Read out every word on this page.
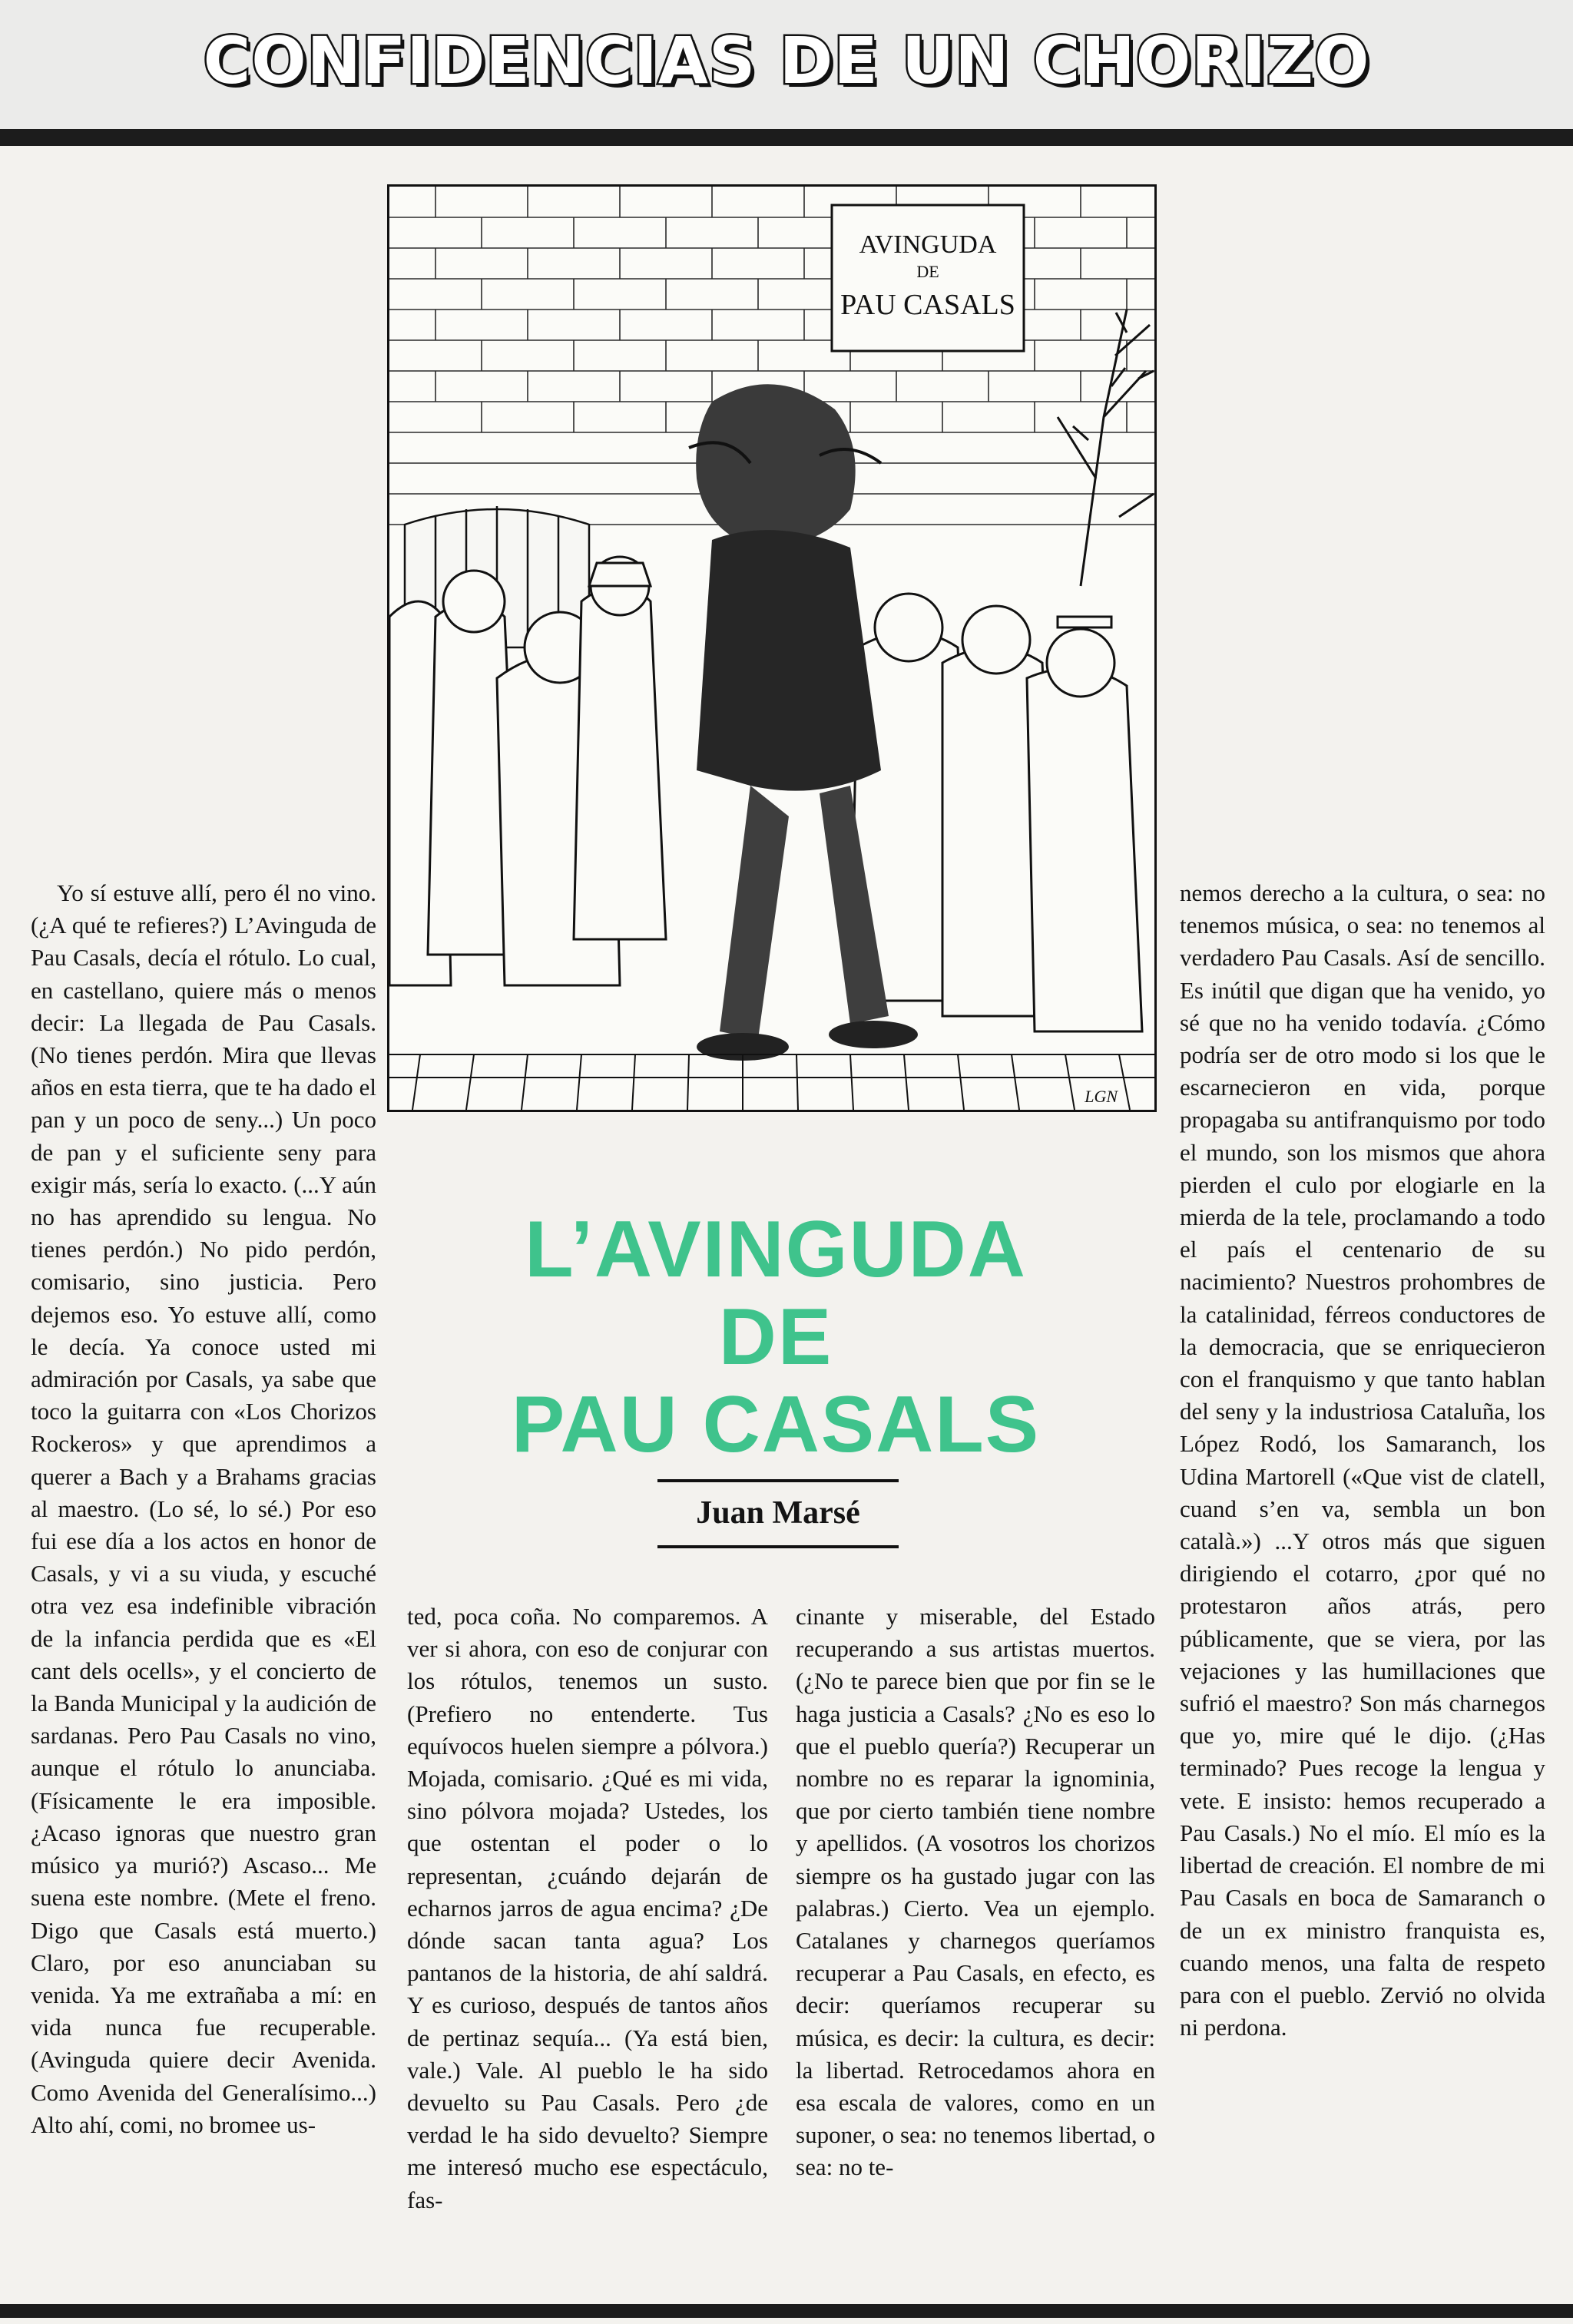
CONFIDENCIAS DE UN CHORIZO
AVINGUDA
DE
PAU CASALS
LGN

Yo sí estuve allí, pero él no vino. (¿A qué te refieres?) L’Avinguda de Pau Casals, decía el rótulo. Lo cual, en castellano, quiere más o menos decir: La llegada de Pau Casals. (No tienes perdón. Mira que llevas años en esta tierra, que te ha dado el pan y un poco de seny...) Un poco de pan y el suficiente seny para exigir más, sería lo exacto. (...Y aún no has aprendido su lengua. No tienes perdón.) No pido perdón, comisario, sino justicia. Pero dejemos eso. Yo estuve allí, como le decía. Ya conoce usted mi admiración por Casals, ya sabe que toco la guitarra con «Los Chorizos Rockeros» y que aprendimos a querer a Bach y a Brahams gracias al maestro. (Lo sé, lo sé.) Por eso fui ese día a los actos en honor de Casals, y vi a su viuda, y escuché otra vez esa indefinible vibración de la infancia perdida que es «El cant dels ocells», y el concierto de la Banda Municipal y la audición de sardanas. Pero Pau Casals no vino, aunque el rótulo lo anunciaba. (Físicamente le era imposible. ¿Acaso ignoras que nuestro gran músico ya murió?) Ascaso... Me suena este nombre. (Mete el freno. Digo que Casals está muerto.) Claro, por eso anunciaban su venida. Ya me extrañaba a mí: en vida nunca fue recuperable. (Avinguda quiere decir Avenida. Como Avenida del Generalísimo...) Alto ahí, comi, no bromee us-

nemos derecho a la cultura, o sea: no tenemos música, o sea: no tenemos al verdadero Pau Casals. Así de sencillo. Es inútil que digan que ha venido, yo sé que no ha venido todavía. ¿Cómo podría ser de otro modo si los que le escarnecieron en vida, porque propagaba su antifranquismo por todo el mundo, son los mismos que ahora pierden el culo por elogiarle en la mierda de la tele, proclamando a todo el país el centenario de su nacimiento? Nuestros prohombres de la catalinidad, férreos conductores de la democracia, que se enriquecieron con el franquismo y que tanto hablan del seny y la industriosa Cataluña, los López Rodó, los Samaranch, los Udina Martorell («Que vist de clatell, cuand s’en va, sembla un bon català.») ...Y otros más que siguen dirigiendo el cotarro, ¿por qué no protestaron años atrás, pero públicamente, que se viera, por las vejaciones y las humillaciones que sufrió el maestro? Son más charnegos que yo, mire qué le dijo. (¿Has terminado? Pues recoge la lengua y vete. E insisto: hemos recuperado a Pau Casals.) No el mío. El mío es la libertad de creación. El nombre de mi Pau Casals en boca de Samaranch o de un ex ministro franquista es, cuando menos, una falta de respeto para con el pueblo. Zervió no olvida ni perdona.

L’AVINGUDA
DE
PAU CASALS
Juan Marsé

ted, poca coña. No comparemos. A ver si ahora, con eso de conjurar con los rótulos, tenemos un susto. (Prefiero no entenderte. Tus equívocos huelen siempre a pólvora.) Mojada, comisario. ¿Qué es mi vida, sino pólvora mojada? Ustedes, los que ostentan el poder o lo representan, ¿cuándo dejarán de echarnos jarros de agua encima? ¿De dónde sacan tanta agua? Los pantanos de la historia, de ahí saldrá. Y es curioso, después de tantos años de pertinaz sequía... (Ya está bien, vale.) Vale. Al pueblo le ha sido devuelto su Pau Casals. Pero ¿de verdad le ha sido devuelto? Siempre me interesó mucho ese espectáculo, fas-

cinante y miserable, del Estado recuperando a sus artistas muertos. (¿No te parece bien que por fin se le haga justicia a Casals? ¿No es eso lo que el pueblo quería?) Recuperar un nombre no es reparar la ignominia, que por cierto también tiene nombre y apellidos. (A vosotros los chorizos siempre os ha gustado jugar con las palabras.) Cierto. Vea un ejemplo. Catalanes y charnegos queríamos recuperar a Pau Casals, en efecto, es decir: queríamos recuperar su música, es decir: la cultura, es decir: la libertad. Retrocedamos ahora en esa escala de valores, como en un suponer, o sea: no tenemos libertad, o sea: no te-
